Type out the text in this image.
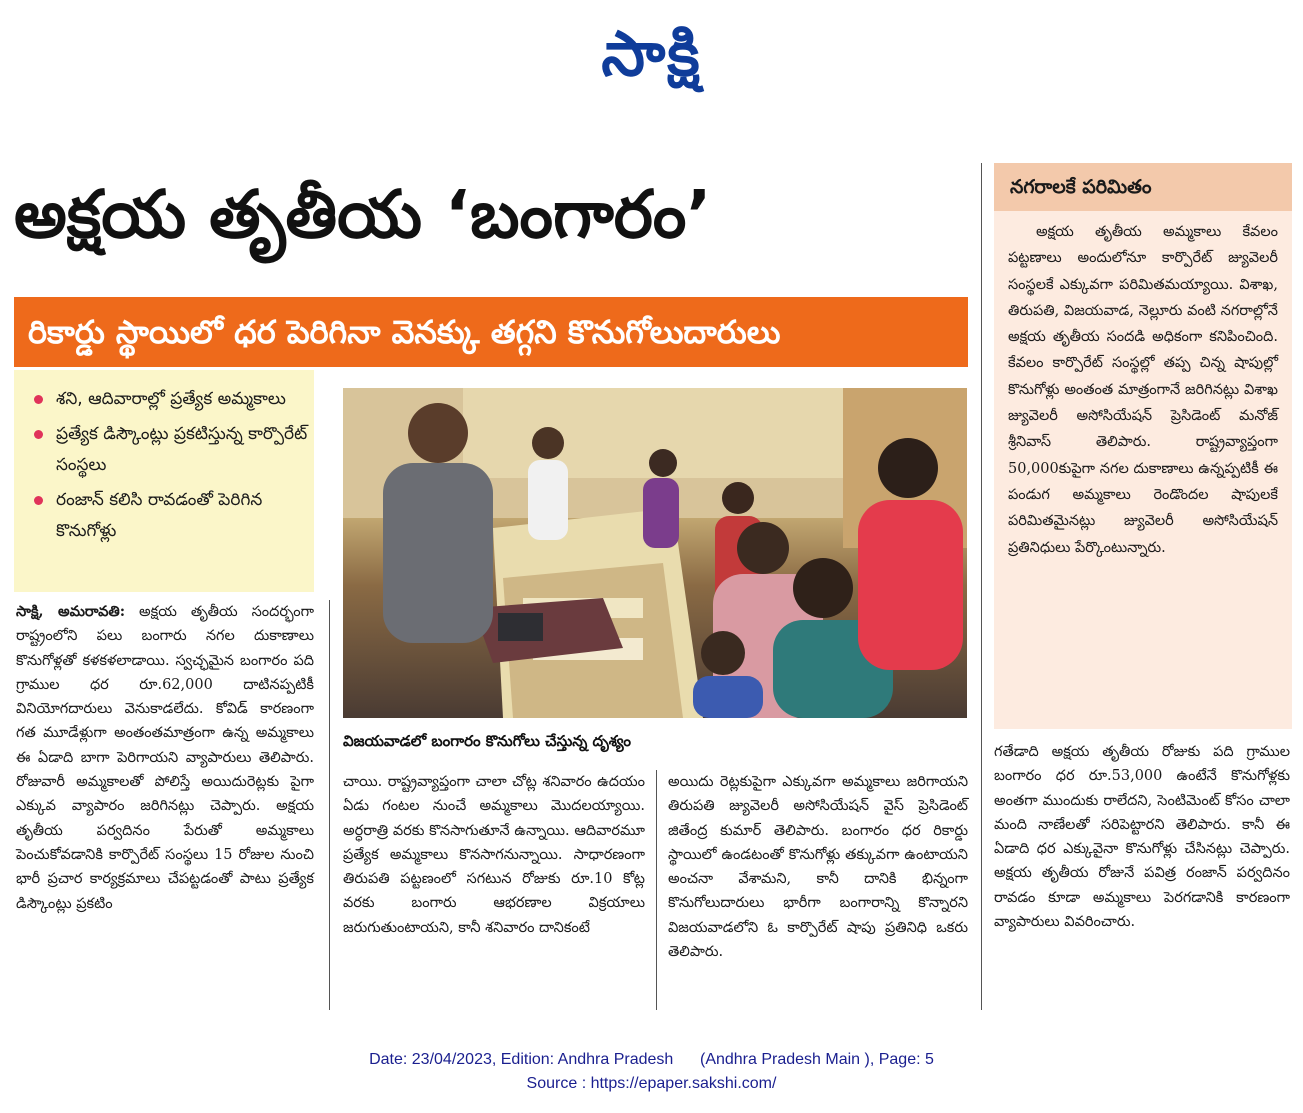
సాక్షి
అక్షయ తృతీయ ‘బంగారం’
రికార్డు స్థాయిలో ధర పెరిగినా వెనక్కు తగ్గని కొనుగోలుదారులు
శని, ఆదివారాల్లో ప్రత్యేక అమ్మకాలు
ప్రత్యేక డిస్కౌంట్లు ప్రకటిస్తున్న కార్పొరేట్ సంస్థలు
రంజాన్ కలిసి రావడంతో పెరిగిన కొనుగోళ్లు
విజయవాడలో బంగారం కొనుగోలు చేస్తున్న దృశ్యం

సాక్షి, అమరావతి: అక్షయ తృతీయ సందర్భంగా రాష్ట్రంలోని పలు బంగారు నగల దుకాణాలు కొనుగోళ్లతో కళకళలాడాయి. స్వచ్ఛమైన బంగారం పది గ్రాముల ధర రూ.62,000 దాటినప్పటికీ వినియోగదారులు వెనుకాడలేదు. కోవిడ్ కారణంగా గత మూడేళ్లుగా అంతంతమాత్రంగా ఉన్న అమ్మకాలు ఈ ఏడాది బాగా పెరిగాయని వ్యాపారులు తెలిపారు. రోజువారీ అమ్మకాలతో పోలిస్తే అయిదురెట్లకు పైగా ఎక్కువ వ్యాపారం జరిగినట్లు చెప్పారు. అక్షయ తృతీయ పర్వదినం పేరుతో అమ్మకాలు పెంచుకోవడానికి కార్పొరేట్ సంస్థలు 15 రోజుల నుంచి భారీ ప్రచార కార్యక్రమాలు చేపట్టడంతో పాటు ప్రత్యేక డిస్కౌంట్లు ప్రకటిం

చాయి. రాష్ట్రవ్యాప్తంగా చాలా చోట్ల శనివారం ఉదయం ఏడు గంటల నుంచే అమ్మకాలు మొదలయ్యాయి. అర్ధరాత్రి వరకు కొనసాగుతూనే ఉన్నాయి. ఆదివారమూ ప్రత్యేక అమ్మకాలు కొనసాగనున్నాయి. సాధారణంగా తిరుపతి పట్టణంలో సగటున రోజుకు రూ.10 కోట్ల వరకు బంగారు ఆభరణాల విక్రయాలు జరుగుతుంటాయని, కానీ శనివారం దానికంటే

అయిదు రెట్లకుపైగా ఎక్కువగా అమ్మకాలు జరిగాయని తిరుపతి జ్యువెలరీ అసోసియేషన్ వైస్ ప్రెసిడెంట్ జితేంద్ర కుమార్ తెలిపారు. బంగారం ధర రికార్డు స్థాయిలో ఉండటంతో కొనుగోళ్లు తక్కువగా ఉంటాయని అంచనా వేశామని, కానీ దానికి భిన్నంగా కొనుగోలుదారులు భారీగా బంగారాన్ని కొన్నారని విజయవాడలోని ఓ కార్పొరేట్ షాపు ప్రతినిధి ఒకరు తెలిపారు.

నగరాలకే పరిమితం

అక్షయ తృతీయ అమ్మకాలు కేవలం పట్టణాలు అందులోనూ కార్పొరేట్ జ్యువెలరీ సంస్థలకే ఎక్కువగా పరిమితమయ్యాయి. విశాఖ, తిరుపతి, విజయవాడ, నెల్లూరు వంటి నగరాల్లోనే అక్షయ తృతీయ సందడి అధికంగా కనిపించింది. కేవలం కార్పొరేట్ సంస్థల్లో తప్ప చిన్న షాపుల్లో కొనుగోళ్లు అంతంత మాత్రంగానే జరిగినట్లు విశాఖ జ్యువెలరీ అసోసియేషన్ ప్రెసిడెంట్ మనోజ్ శ్రీనివాస్ తెలిపారు. రాష్ట్రవ్యాప్తంగా 50,000కుపైగా నగల దుకాణాలు ఉన్నప్పటికీ ఈ పండుగ అమ్మకాలు రెండొందల షాపులకే పరిమితమైనట్లు జ్యువెలరీ అసోసియేషన్ ప్రతినిధులు పేర్కొంటున్నారు.

గతేడాది అక్షయ తృతీయ రోజుకు పది గ్రాముల బంగారం ధర రూ.53,000 ఉంటేనే కొనుగోళ్లకు అంతగా ముందుకు రాలేదని, సెంటిమెంట్ కోసం చాలా మంది నాణేలతో సరిపెట్టారని తెలిపారు. కానీ ఈ ఏడాది ధర ఎక్కువైనా కొనుగోళ్లు చేసినట్లు చెప్పారు. అక్షయ తృతీయ రోజునే పవిత్ర రంజాన్ పర్వదినం రావడం కూడా అమ్మకాలు పెరగడానికి కారణంగా వ్యాపారులు వివరించారు.

Date: 23/04/2023, Edition: Andhra Pradesh      (Andhra Pradesh Main ), Page: 5
Source : https://epaper.sakshi.com/
